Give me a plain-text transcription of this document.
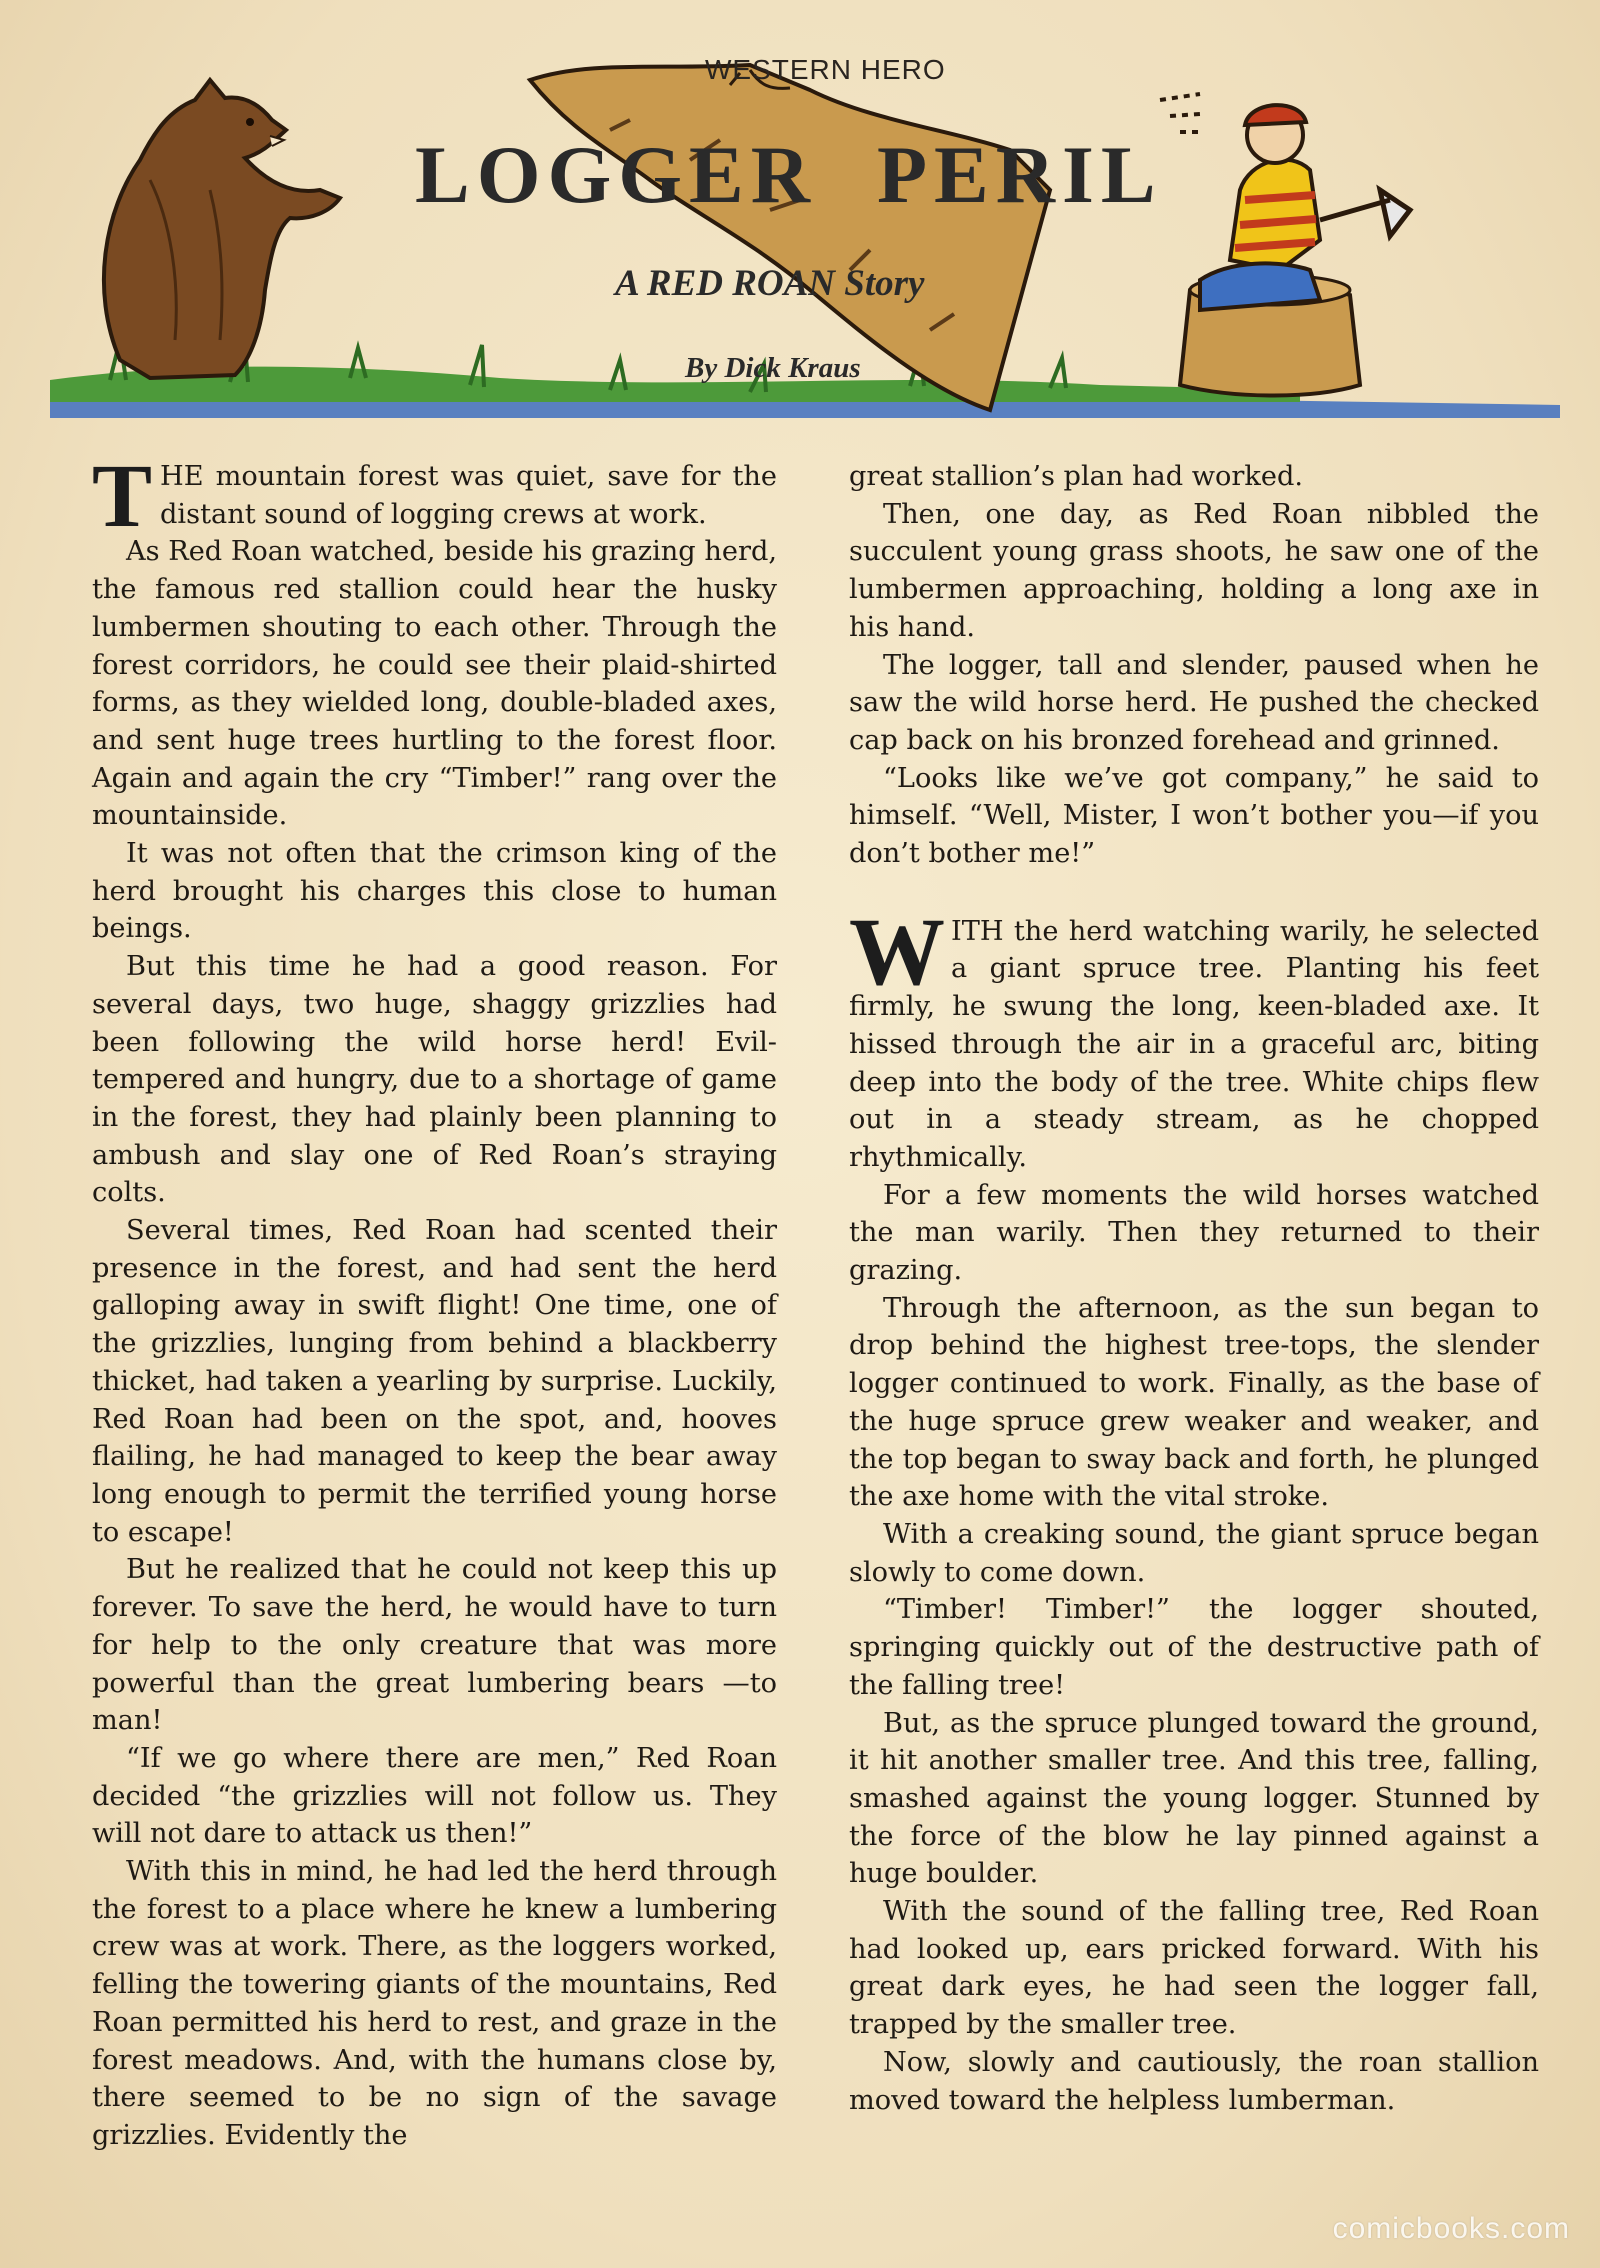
WESTERN HERO
LOGGER PERIL
A RED ROAN Story
By Dick Kraus

THE mountain forest was quiet, save for the distant sound of logging crews at work.

As Red Roan watched, beside his grazing herd, the famous red stallion could hear the husky lumbermen shouting to each other. Through the forest corridors, he could see their plaid-shirted forms, as they wielded long, double-bladed axes, and sent huge trees hurtling to the forest floor. Again and again the cry “Timber!” rang over the mountainside.

It was not often that the crimson king of the herd brought his charges this close to human beings.

But this time he had a good reason. For several days, two huge, shaggy grizzlies had been following the wild horse herd! Evil-tempered and hungry, due to a shortage of game in the forest, they had plainly been planning to ambush and slay one of Red Roan’s straying colts.

Several times, Red Roan had scented their presence in the forest, and had sent the herd galloping away in swift flight! One time, one of the grizzlies, lunging from behind a blackberry thicket, had taken a yearling by surprise. Luckily, Red Roan had been on the spot, and, hooves flailing, he had managed to keep the bear away long enough to permit the terrified young horse to escape!

But he realized that he could not keep this up forever. To save the herd, he would have to turn for help to the only creature that was more powerful than the great lumbering bears —to man!

“If we go where there are men,” Red Roan decided “the grizzlies will not follow us. They will not dare to attack us then!”

With this in mind, he had led the herd through the forest to a place where he knew a lumbering crew was at work. There, as the loggers worked, felling the towering giants of the mountains, Red Roan permitted his herd to rest, and graze in the forest meadows. And, with the humans close by, there seemed to be no sign of the savage grizzlies. Evidently the

great stallion’s plan had worked.

Then, one day, as Red Roan nibbled the succulent young grass shoots, he saw one of the lumbermen approaching, holding a long axe in his hand.

The logger, tall and slender, paused when he saw the wild horse herd. He pushed the checked cap back on his bronzed forehead and grinned.

“Looks like we’ve got company,” he said to himself. “Well, Mister, I won’t bother you—if you don’t bother me!”

WITH the herd watching warily, he selected a giant spruce tree. Planting his feet firmly, he swung the long, keen-bladed axe. It hissed through the air in a graceful arc, biting deep into the body of the tree. White chips flew out in a steady stream, as he chopped rhythmically.

For a few moments the wild horses watched the man warily. Then they returned to their grazing.

Through the afternoon, as the sun began to drop behind the highest tree-tops, the slender logger continued to work. Finally, as the base of the huge spruce grew weaker and weaker, and the top began to sway back and forth, he plunged the axe home with the vital stroke.

With a creaking sound, the giant spruce began slowly to come down.

“Timber! Timber!” the logger shouted, springing quickly out of the destructive path of the falling tree!

But, as the spruce plunged toward the ground, it hit another smaller tree. And this tree, falling, smashed against the young logger. Stunned by the force of the blow he lay pinned against a huge boulder.

With the sound of the falling tree, Red Roan had looked up, ears pricked forward. With his great dark eyes, he had seen the logger fall, trapped by the smaller tree.

Now, slowly and cautiously, the roan stallion moved toward the helpless lumberman.

comicbooks.com
